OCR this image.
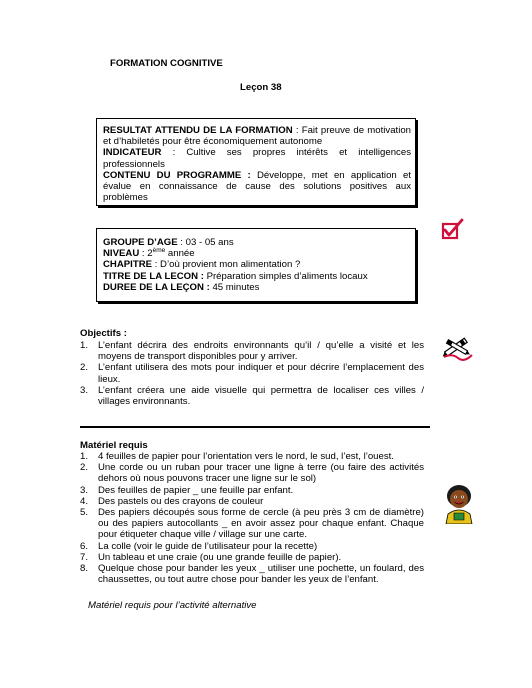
FORMATION COGNITIVE
Leçon 38

RESULTAT ATTENDU DE LA FORMATION : Fait preuve de motivation et d’habiletés pour être économiquement autonome

INDICATEUR : Cultive ses propres intérêts et intelligences professionnels

CONTENU DU PROGRAMME : Développe, met en application et évalue en connaissance de cause des solutions positives aux problèmes

GROUPE D’AGE : 03 - 05 ans

NIVEAU : 2ème année

CHAPITRE : D’où provient mon alimentation ?

TITRE DE LA LECON : Préparation simples d’aliments locaux

DUREE DE LA LEÇON : 45 minutes

Objectifs :
1. L’enfant décrira des endroits environnants qu’il / qu’elle a visité et les moyens de transport disponibles pour y arriver.
2. L’enfant utilisera des mots pour indiquer et pour décrire l’emplacement des lieux.
3. L’enfant créera une aide visuelle qui permettra de localiser ces villes / villages environnants.
Matériel requis
1. 4 feuilles de papier pour l’orientation vers le nord, le sud, l’est, l’ouest.
2. Une corde ou un ruban pour tracer une ligne à terre (ou faire des activités dehors où nous pouvons tracer une ligne sur le sol)
3. Des feuilles de papier _ une feuille par enfant.
4. Des pastels ou des crayons de couleur
5. Des papiers découpés sous forme de cercle (à peu près 3 cm de diamètre) ou des papiers autocollants _ en avoir assez pour chaque enfant. Chaque pour étiqueter chaque ville / village sur une carte.
6. La colle (voir le guide de l’utilisateur pour la recette)
7. Un tableau et une craie (ou une grande feuille de papier).
8. Quelque chose pour bander les yeux _ utiliser une pochette, un foulard, des chaussettes, ou tout autre chose pour bander les yeux de l’enfant.
Matériel requis pour l’activité alternative
